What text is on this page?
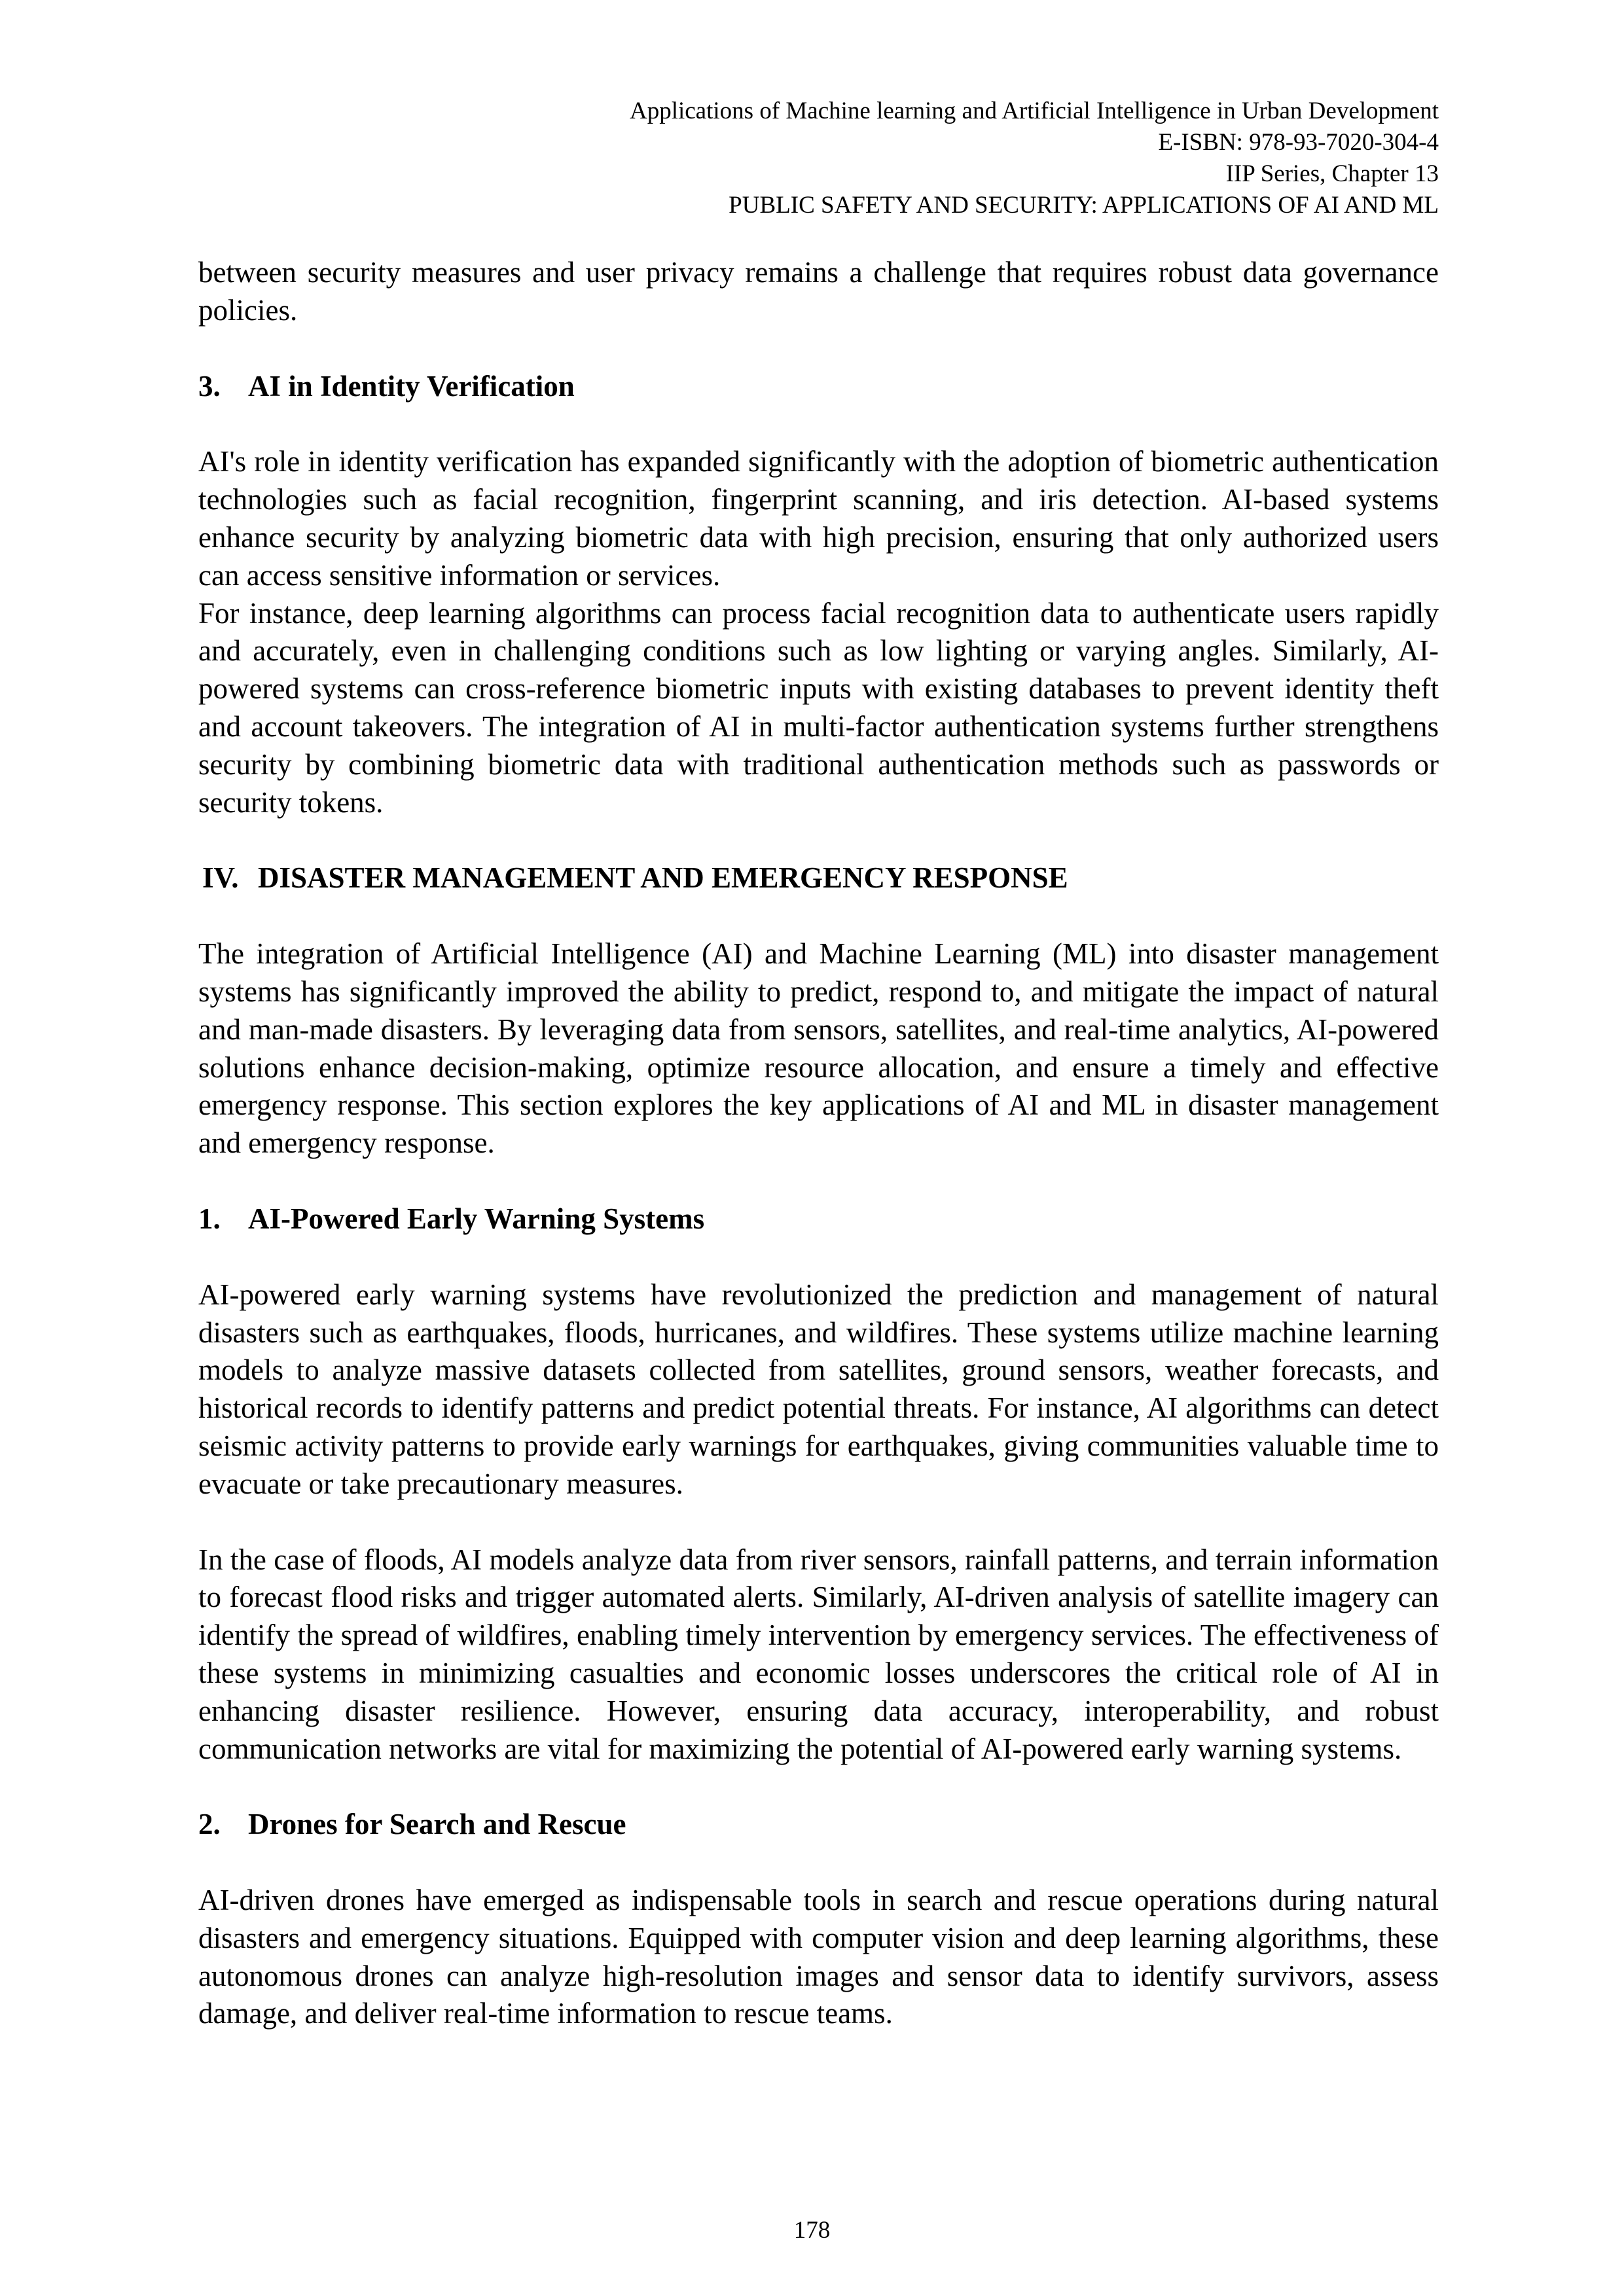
Applications of Machine learning and Artificial Intelligence in Urban Development
E-ISBN: 978-93-7020-304-4
IIP Series, Chapter 13
PUBLIC SAFETY AND SECURITY: APPLICATIONS OF AI AND ML

between security measures and user privacy remains a challenge that requires robust data governance policies.

3. AI in Identity Verification

AI's role in identity verification has expanded significantly with the adoption of biometric authentication technologies such as facial recognition, fingerprint scanning, and iris detection. AI-based systems enhance security by analyzing biometric data with high precision, ensuring that only authorized users can access sensitive information or services.

For instance, deep learning algorithms can process facial recognition data to authenticate users rapidly and accurately, even in challenging conditions such as low lighting or varying angles. Similarly, AI-powered systems can cross-reference biometric inputs with existing databases to prevent identity theft and account takeovers. The integration of AI in multi-factor authentication systems further strengthens security by combining biometric data with traditional authentication methods such as passwords or security tokens.

IV. DISASTER MANAGEMENT AND EMERGENCY RESPONSE

The integration of Artificial Intelligence (AI) and Machine Learning (ML) into disaster management systems has significantly improved the ability to predict, respond to, and mitigate the impact of natural and man-made disasters. By leveraging data from sensors, satellites, and real-time analytics, AI-powered solutions enhance decision-making, optimize resource allocation, and ensure a timely and effective emergency response. This section explores the key applications of AI and ML in disaster management and emergency response.

1. AI-Powered Early Warning Systems

AI-powered early warning systems have revolutionized the prediction and management of natural disasters such as earthquakes, floods, hurricanes, and wildfires. These systems utilize machine learning models to analyze massive datasets collected from satellites, ground sensors, weather forecasts, and historical records to identify patterns and predict potential threats. For instance, AI algorithms can detect seismic activity patterns to provide early warnings for earthquakes, giving communities valuable time to evacuate or take precautionary measures.

In the case of floods, AI models analyze data from river sensors, rainfall patterns, and terrain information to forecast flood risks and trigger automated alerts. Similarly, AI-driven analysis of satellite imagery can identify the spread of wildfires, enabling timely intervention by emergency services. The effectiveness of these systems in minimizing casualties and economic losses underscores the critical role of AI in enhancing disaster resilience. However, ensuring data accuracy, interoperability, and robust communication networks are vital for maximizing the potential of AI-powered early warning systems.

2. Drones for Search and Rescue

AI-driven drones have emerged as indispensable tools in search and rescue operations during natural disasters and emergency situations. Equipped with computer vision and deep learning algorithms, these autonomous drones can analyze high-resolution images and sensor data to identify survivors, assess damage, and deliver real-time information to rescue teams.

178
